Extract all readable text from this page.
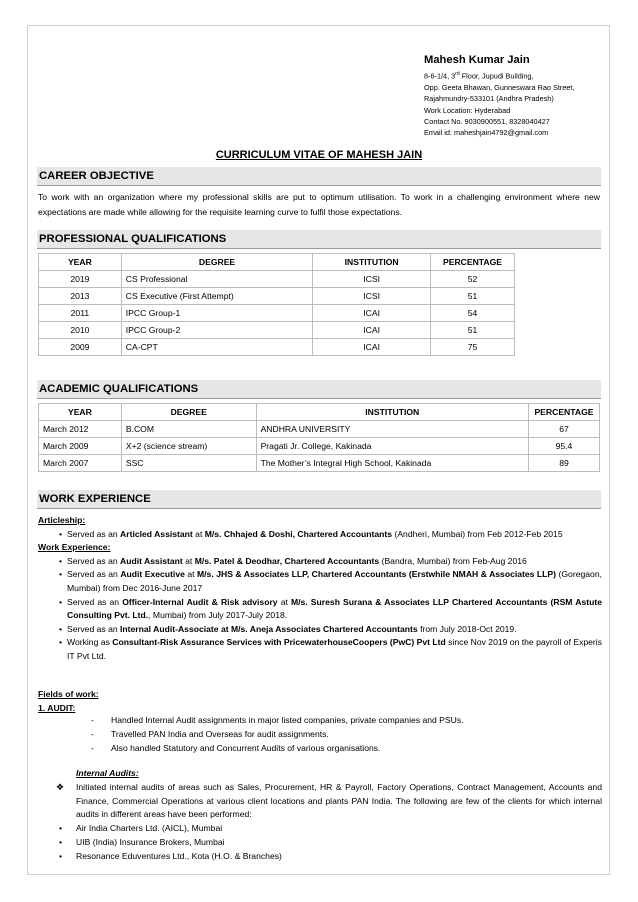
Mahesh Kumar Jain
8-6-1/4, 3rd Floor, Jupudi Building,
Opp. Geeta Bhawan, Gunneswara Rao Street,
Rajahmundry-533101 (Andhra Pradesh)
Work Location: Hyderabad
Contact No. 9030900551, 8328040427
Email id: maheshjain4792@gmail.com
CURRICULUM VITAE OF MAHESH JAIN
CAREER OBJECTIVE
To work with an organization where my professional skills are put to optimum utilisation. To work in a challenging environment where new expectations are made while allowing for the requisite learning curve to fulfil those expectations.
PROFESSIONAL QUALIFICATIONS
YEAR	DEGREE	INSTITUTION	PERCENTAGE
2019	CS Professional	ICSI	52
2013	CS Executive (First Attempt)	ICSI	51
2011	IPCC Group-1	ICAI	54
2010	IPCC Group-2	ICAI	51
2009	CA-CPT	ICAI	75
ACADEMIC QUALIFICATIONS
YEAR	DEGREE	INSTITUTION	PERCENTAGE
March 2012	B.COM	ANDHRA UNIVERSITY	67
March 2009	X+2 (science stream)	Pragati Jr. College, Kakinada	95.4
March 2007	SSC	The Mother’s Integral High School, Kakinada	89
WORK EXPERIENCE
Articleship:
• Served as an Articled Assistant at M/s. Chhajed & Doshi, Chartered Accountants (Andheri, Mumbai) from Feb 2012-Feb 2015
Work Experience:
• Served as an Audit Assistant at M/s. Patel & Deodhar, Chartered Accountants (Bandra, Mumbai) from Feb-Aug 2016
• Served as an Audit Executive at M/s. JHS & Associates LLP, Chartered Accountants (Erstwhile NMAH & Associates LLP) (Goregaon, Mumbai) from Dec 2016-June 2017
• Served as an Officer-Internal Audit & Risk advisory at M/s. Suresh Surana & Associates LLP Chartered Accountants (RSM Astute Consulting Pvt. Ltd., Mumbai) from July 2017-July 2018.
• Served as an Internal Audit-Associate at M/s. Aneja Associates Chartered Accountants from July 2018-Oct 2019.
• Working as Consultant-Risk Assurance Services with PricewaterhouseCoopers (PwC) Pvt Ltd since Nov 2019 on the payroll of Experis IT Pvt Ltd.
Fields of work:
1. AUDIT:
- Handled Internal Audit assignments in major listed companies, private companies and PSUs.
- Travelled PAN India and Overseas for audit assignments.
- Also handled Statutory and Concurrent Audits of various organisations.
Internal Audits:
❖ Initiated internal audits of areas such as Sales, Procurement, HR & Payroll, Factory Operations, Contract Management, Accounts and Finance, Commercial Operations at various client locations and plants PAN India. The following are few of the clients for which internal audits in different areas have been performed:
• Air India Charters Ltd. (AICL), Mumbai
• UIB (India) Insurance Brokers, Mumbai
• Resonance Eduventures Ltd., Kota (H.O. & Branches)
